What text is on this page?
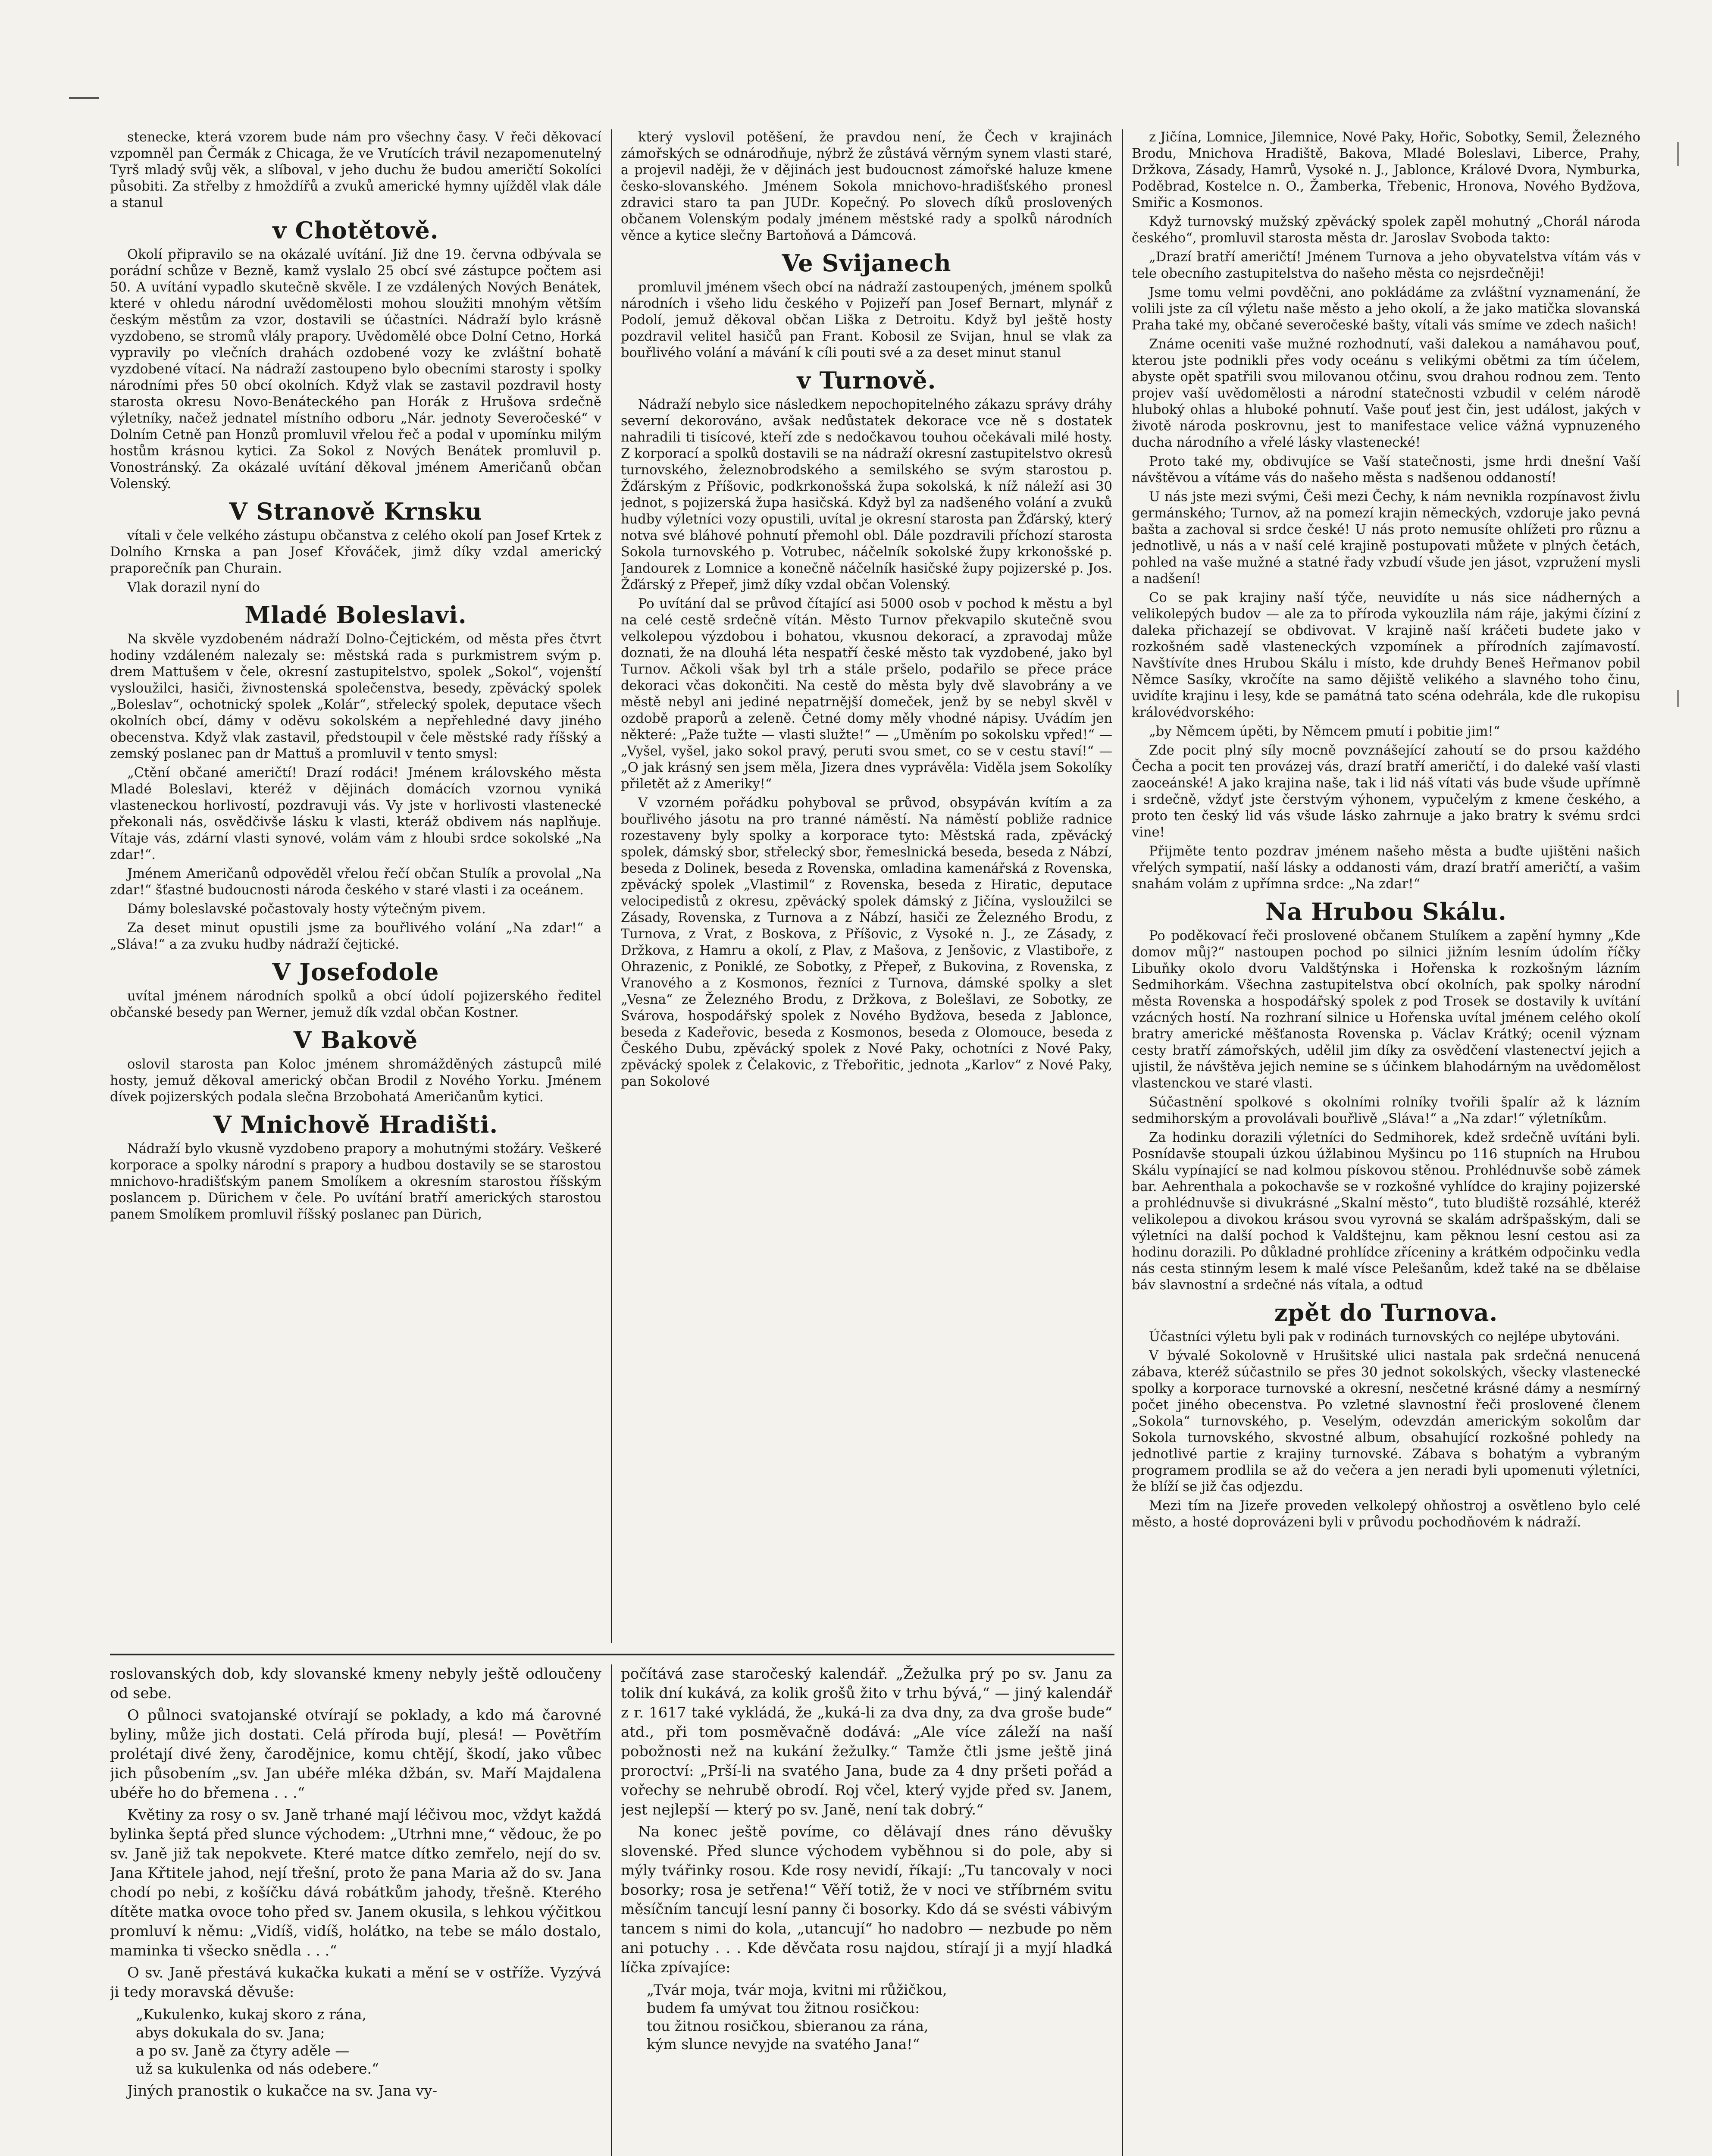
stenecke, která vzorem bude nám pro všechny časy. V řeči děkovací vzpomněl pan Čermák z Chicaga, že ve Vrutících trávil nezapomenutelný Tyrš mladý svůj věk, a slíboval, v jeho duchu že budou američtí Sokolíci působiti. Za střelby z hmoždířů a zvuků americké hymny ujížděl vlak dále a stanul

v Chotětově.

Okolí připravilo se na okázalé uvítání. Již dne 19. června odbývala se porádní schůze v Bezně, kamž vyslalo 25 obcí své zástupce počtem asi 50. A uvítání vypadlo skutečně skvěle. I ze vzdálených Nových Benátek, které v ohledu národní uvědomělosti mohou sloužiti mnohým větším českým městům za vzor, dostavili se účastníci. Nádraží bylo krásně vyzdobeno, se stromů vlály prapory. Uvědomělé obce Dolní Cetno, Horká vypravily po vlečních drahách ozdobené vozy ke zvláštní bohatě vyzdobené vítací. Na nádraží zastoupeno bylo obecními starosty i spolky národními přes 50 obcí okolních. Když vlak se zastavil pozdravil hosty starosta okresu Novo-Benáteckého pan Horák z Hrušova srdečně výletníky, načež jednatel místního odboru „Nár. jednoty Severočeské“ v Dolním Cetně pan Honzů promluvil vřelou řeč a podal v upomínku milým hostům krásnou kytici. Za Sokol z Nových Benátek promluvil p. Vonostránský. Za okázalé uvítání děkoval jménem Američanů občan Volenský.

V Stranově Krnsku

vítali v čele velkého zástupu občanstva z celého okolí pan Josef Krtek z Dolního Krnska a pan Josef Křováček, jimž díky vzdal americký praporečník pan Churain.

Vlak dorazil nyní do

Mladé Boleslavi.

Na skvěle vyzdobeném nádraží Dolno-Čejtickém, od města přes čtvrt hodiny vzdáleném nalezaly se: městská rada s purkmistrem svým p. drem Mattušem v čele, okresní zastupitelstvo, spolek „Sokol“, vojenští vysloužilci, hasiči, živnostenská společenstva, besedy, zpěvácký spolek „Boleslav“, ochotnický spolek „Kolár“, střelecký spolek, deputace všech okolních obcí, dámy v oděvu sokolském a nepřehledné davy jiného obecenstva. Když vlak zastavil, předstoupil v čele městské rady říšský a zemský poslanec pan dr Mattuš a promluvil v tento smysl:

„Ctění občané američtí! Drazí rodáci! Jménem královského města Mladé Boleslavi, kteréž v dějinách domácích vzornou vyniká vlasteneckou horlivostí, pozdravuji vás. Vy jste v horlivosti vlastenecké překonali nás, osvědčivše lásku k vlasti, kteráž obdivem nás naplňuje. Vítaje vás, zdární vlasti synové, volám vám z hloubi srdce sokolské „Na zdar!“.

Jménem Američanů odpověděl vřelou řečí občan Stulík a provolal „Na zdar!“ šťastné budoucnosti národa českého v staré vlasti i za oceánem.

Dámy boleslavské počastovaly hosty výtečným pivem.

Za deset minut opustili jsme za bouřlivého volání „Na zdar!“ a „Sláva!“ a za zvuku hudby nádraží čejtické.

V Josefodole

uvítal jménem národních spolků a obcí údolí pojizerského ředitel občanské besedy pan Werner, jemuž dík vzdal občan Kostner.

V Bakově

oslovil starosta pan Koloc jménem shromážděných zástupců milé hosty, jemuž děkoval americký občan Brodil z Nového Yorku. Jménem dívek pojizerských podala slečna Brzobohatá Američanům kytici.

V Mnichově Hradišti.

Nádraží bylo vkusně vyzdobeno prapory a mohutnými stožáry. Veškeré korporace a spolky národní s prapory a hudbou dostavily se se starostou mnichovo-hradišťským panem Smolíkem a okresním starostou říšským poslancem p. Dürichem v čele. Po uvítání bratří amerických starostou panem Smolíkem promluvil říšský poslanec pan Dürich,

který vyslovil potěšení, že pravdou není, že Čech v krajinách zámořských se odnárodňuje, nýbrž že zůstává věrným synem vlasti staré, a projevil naději, že v dějinách jest budoucnost zámořské haluze kmene česko-slovanského. Jménem Sokola mnichovo-hradišťského pronesl zdravici staro ta pan JUDr. Kopečný. Po slovech díků proslovených občanem Volenským podaly jménem městské rady a spolků národních věnce a kytice slečny Bartoňová a Dámcová.

Ve Svijanech

promluvil jménem všech obcí na nádraží zastoupených, jménem spolků národních i všeho lidu českého v Pojizeří pan Josef Bernart, mlynář z Podolí, jemuž děkoval občan Liška z Detroitu. Když byl ještě hosty pozdravil velitel hasičů pan Frant. Kobosil ze Svijan, hnul se vlak za bouřlivého volání a mávání k cíli pouti své a za deset minut stanul

v Turnově.

Nádraží nebylo sice následkem nepochopitelného zákazu správy dráhy severní dekorováno, avšak nedůstatek dekorace vce ně s dostatek nahradili ti tisícové, kteří zde s nedočkavou touhou očekávali milé hosty. Z korporací a spolků dostavili se na nádraží okresní zastupitelstvo okresů turnovského, železnobrodského a semilského se svým starostou p. Žďárským z Příšovic, podkrkonošská župa sokolská, k níž náleží asi 30 jednot, s pojizerská župa hasičská. Když byl za nadšeného volání a zvuků hudby výletníci vozy opustili, uvítal je okresní starosta pan Žďárský, který notva své bláhové pohnutí přemohl obl. Dále pozdravili příchozí starosta Sokola turnovského p. Votrubec, náčelník sokolské župy krkonošské p. Jandourek z Lomnice a konečně náčelník hasičské župy pojizerské p. Jos. Žďárský z Přepeř, jimž díky vzdal občan Volenský.

Po uvítání dal se průvod čítající asi 5000 osob v pochod k městu a byl na celé cestě srdečně vítán. Město Turnov překvapilo skutečně svou velkolepou výzdobou i bohatou, vkusnou dekorací, a zpravodaj může doznati, že na dlouhá léta nespatří české město tak vyzdobené, jako byl Turnov. Ačkoli však byl trh a stále pršelo, podařilo se přece práce dekoraci včas dokončiti. Na cestě do města byly dvě slavobrány a ve městě nebyl ani jediné nepatrnější domeček, jenž by se nebyl skvěl v ozdobě praporů a zeleně. Četné domy měly vhodné nápisy. Uvádím jen některé: „Paže tužte — vlasti služte!“ — „Uměním po sokolsku vpřed!“ — „Vyšel, vyšel, jako sokol pravý, peruti svou smet, co se v cestu staví!“ — „O jak krásný sen jsem měla, Jizera dnes vyprávěla: Viděla jsem Sokolíky přiletět až z Ameriky!“

V vzorném pořádku pohyboval se průvod, obsypáván kvítím a za bouřlivého jásotu na pro tranné náměstí. Na náměstí pobliže radnice rozestaveny byly spolky a korporace tyto: Městská rada, zpěvácký spolek, dámský sbor, střelecký sbor, řemeslnická beseda, beseda z Nábzí, beseda z Dolinek, beseda z Rovenska, omladina kamenářská z Rovenska, zpěvácký spolek „Vlastimil“ z Rovenska, beseda z Hiratic, deputace velocipedistů z okresu, zpěvácký spolek dámský z Jičína, vysloužilci se Zásady, Rovenska, z Turnova a z Nábzí, hasiči ze Železného Brodu, z Turnova, z Vrat, z Boskova, z Příšovic, z Vysoké n. J., ze Zásady, z Držkova, z Hamru a okolí, z Plav, z Mašova, z Jenšovic, z Vlastiboře, z Ohrazenic, z Poniklé, ze Sobotky, z Přepeř, z Bukovina, z Rovenska, z Vranového a z Kosmonos, řezníci z Turnova, dámské spolky a slet „Vesna“ ze Železného Brodu, z Držkova, z Bolešlavi, ze Sobotky, ze Svárova, hospodářský spolek z Nového Bydžova, beseda z Jablonce, beseda z Kadeřovic, beseda z Kosmonos, beseda z Olomouce, beseda z Českého Dubu, zpěvácký spolek z Nové Paky, ochotníci z Nové Paky, zpěvácký spolek z Čelakovic, z Třebořitic, jednota „Karlov“ z Nové Paky, pan Sokolové

z Jičína, Lomnice, Jilemnice, Nové Paky, Hořic, Sobotky, Semil, Železného Brodu, Mnichova Hradiště, Bakova, Mladé Boleslavi, Liberce, Prahy, Držkova, Zásady, Hamrů, Vysoké n. J., Jablonce, Králové Dvora, Nymburka, Poděbrad, Kostelce n. O., Žamberka, Třebenic, Hronova, Nového Bydžova, Smiřic a Kosmonos.

Když turnovský mužský zpěvácký spolek zapěl mohutný „Chorál národa českého“, promluvil starosta města dr. Jaroslav Svoboda takto:

„Drazí bratří američtí! Jménem Turnova a jeho obyvatelstva vítám vás v tele obecního zastupitelstva do našeho města co nejsrdečněji!

Jsme tomu velmi povděčni, ano pokládáme za zvláštní vyznamenání, že volili jste za cíl výletu naše město a jeho okolí, a že jako matička slovanská Praha také my, občané severočeské bašty, vítali vás smíme ve zdech našich!

Známe oceniti vaše mužné rozhodnutí, vaši dalekou a namáhavou pouť, kterou jste podnikli přes vody oceánu s velikými obětmi za tím účelem, abyste opět spatřili svou milovanou otčinu, svou drahou rodnou zem. Tento projev vaší uvědomělosti a národní statečnosti vzbudil v celém národě hluboký ohlas a hluboké pohnutí. Vaše pouť jest čin, jest událost, jakých v životě národa poskrovnu, jest to manifestace velice vážná vypnuzeného ducha národního a vřelé lásky vlastenecké!

Proto také my, obdivujíce se Vaší statečnosti, jsme hrdi dnešní Vaší návštěvou a vítáme vás do našeho města s nadšenou oddaností!

U nás jste mezi svými, Češi mezi Čechy, k nám nevnikla rozpínavost živlu germánského; Turnov, až na pomezí krajin německých, vzdoruje jako pevná bašta a zachoval si srdce české! U nás proto nemusíte ohlížeti pro různu a jednotlivě, u nás a v naší celé krajině postupovati můžete v plných četách, pohled na vaše mužné a statné řady vzbudí všude jen jásot, vzpružení mysli a nadšení!

Co se pak krajiny naší týče, neuvidíte u nás sice nádherných a velikolepých budov — ale za to příroda vykouzlila nám ráje, jakými číziní z daleka přichazejí se obdivovat. V krajině naší kráčeti budete jako v rozkošném sadě vlasteneckých vzpomínek a přírodních zajímavostí. Navštívíte dnes Hrubou Skálu i místo, kde druhdy Beneš Heřmanov pobil Němce Sasíky, vkročíte na samo dějiště velikého a slavného toho činu, uvidíte krajinu i lesy, kde se památná tato scéna odehrála, kde dle rukopisu královédvorského:

„by Němcem úpěti, by Němcem pmutí i pobitie jim!“

Zde pocit plný síly mocně povznášející zahoutí se do prsou každého Čecha a pocit ten provázej vás, drazí bratří američtí, i do daleké vaší vlasti zaoceánské! A jako krajina naše, tak i lid náš vítati vás bude všude upřímně i srdečně, vždyť jste čerstvým výhonem, vypučelým z kmene českého, a proto ten český lid vás všude lásko zahrnuje a jako bratry k svému srdci vine!

Přijměte tento pozdrav jménem našeho města a buďte ujištěni našich vřelých sympatií, naší lásky a oddanosti vám, drazí bratří američtí, a vašim snahám volám z upřímna srdce: „Na zdar!“

Na Hrubou Skálu.

Po poděkovací řeči proslovené občanem Stulíkem a zapění hymny „Kde domov můj?“ nastoupen pochod po silnici jižním lesním údolím říčky Libuňky okolo dvoru Valdštýnska i Hořenska k rozkošným lázním Sedmihorkám. Všechna zastupitelstva obcí okolních, pak spolky národní města Rovenska a hospodářský spolek z pod Trosek se dostavily k uvítání vzácných hostí. Na rozhraní silnice u Hořenska uvítal jménem celého okolí bratry americké měšťanosta Rovenska p. Václav Krátký; ocenil význam cesty bratří zámořských, udělil jim díky za osvědčení vlastenectví jejich a ujistil, že návštěva jejich nemine se s účinkem blahodárným na uvědomělost vlastenckou ve staré vlasti.

Súčastnění spolkové s okolními rolníky tvořili špalír až k lázním sedmihorským a provolávali bouřlivě „Sláva!“ a „Na zdar!“ výletníkům.

Za hodinku dorazili výletníci do Sedmihorek, kdež srdečně uvítáni byli. Posnídavše stoupali úzkou úžlabinou Myšincu po 116 stupních na Hrubou Skálu vypínající se nad kolmou pískovou stěnou. Prohlédnuvše sobě zámek bar. Aehrenthala a pokochavše se v rozkošné vyhlídce do krajiny pojizerské a prohlédnuvše si divukrásné „Skalní město“, tuto bludiště rozsáhlé, kteréž velikolepou a divokou krásou svou vyrovná se skalám adršpašským, dali se výletníci na další pochod k Valdštejnu, kam pěknou lesní cestou asi za hodinu dorazili. Po důkladné prohlídce zříceniny a krátkém odpočinku vedla nás cesta stinným lesem k malé vísce Pelešanům, kdež také na se dbělaise báv slavnostní a srdečné nás vítala, a odtud

zpět do Turnova.

Účastníci výletu byli pak v rodinách turnovských co nejlépe ubytováni.

V bývalé Sokolovně v Hrušitské ulici nastala pak srdečná nenucená zábava, kteréž súčastnilo se přes 30 jednot sokolských, všecky vlastenecké spolky a korporace turnovské a okresní, nesčetné krásné dámy a nesmírný počet jiného obecenstva. Po vzletné slavnostní řeči proslovené členem „Sokola“ turnovského, p. Veselým, odevzdán americkým sokolům dar Sokola turnovského, skvostné album, obsahující rozkošné pohledy na jednotlivé partie z krajiny turnovské. Zábava s bohatým a vybraným programem prodlila se až do večera a jen neradi byli upomenuti výletníci, že blíží se již čas odjezdu.

Mezi tím na Jizeře proveden velkolepý ohňostroj a osvětleno bylo celé město, a hosté doprovázeni byli v průvodu pochodňovém k nádraží.

roslovanských dob, kdy slovanské kmeny nebyly ještě odloučeny od sebe.

O půlnoci svatojanské otvírají se poklady, a kdo má čarovné byliny, může jich dostati. Celá příroda bují, plesá! — Povětřím prolétají divé ženy, čarodějnice, komu chtějí, škodí, jako vůbec jich působením „sv. Jan ubéře mléka džbán, sv. Maří Majdalena ubéře ho do břemena . . .“

Květiny za rosy o sv. Janě trhané mají léčivou moc, vždyt každá bylinka šeptá před slunce východem: „Utrhni mne,“ vědouc, že po sv. Janě již tak nepokvete. Které matce dítko zemřelo, nejí do sv. Jana Křtitele jahod, nejí třešní, proto že pana Maria až do sv. Jana chodí po nebi, z košíčku dává robátkům jahody, třešně. Kterého dítěte matka ovoce toho před sv. Janem okusila, s lehkou výčitkou promluví k němu: „Vidíš, vidíš, holátko, na tebe se málo dostalo, maminka ti všecko snědla . . .“

O sv. Janě přestává kukačka kukati a mění se v ostříže. Vyzývá ji tedy moravská děvuše:

„Kukulenko, kukaj skoro z rána,
abys dokukala do sv. Jana;
a po sv. Janě za čtyry aděle —
už sa kukulenka od nás odebere.“

Jiných pranostik o kukačce na sv. Jana vy-

počítává zase staročeský kalendář. „Žežulka prý po sv. Janu za tolik dní kukává, za kolik grošů žito v trhu bývá,“ — jiný kalendář z r. 1617 také vykládá, že „kuká-li za dva dny, za dva groše bude“ atd., při tom posměvačně dodává: „Ale více záleží na naší pobožnosti než na kukání žežulky.“ Tamže čtli jsme ještě jiná proroctví: „Prší-li na svatého Jana, bude za 4 dny pršeti pořád a vořechy se nehrubě obrodí. Roj včel, který vyjde před sv. Janem, jest nejlepší — který po sv. Janě, není tak dobrý.“

Na konec ještě povíme, co dělávají dnes ráno děvušky slovenské. Před slunce východem vyběhnou si do pole, aby si mýly tvářinky rosou. Kde rosy nevidí, říkají: „Tu tancovaly v noci bosorky; rosa je setřena!“ Věří totiž, že v noci ve stříbrném svitu měsíčním tancují lesní panny či bosorky. Kdo dá se svésti vábivým tancem s nimi do kola, „utancují“ ho nadobro — nezbude po něm ani potuchy . . . Kde děvčata rosu najdou, stírají ji a myjí hladká líčka zpívajíce:

„Tvár moja, tvár moja, kvitni mi růžičkou,
budem fa umývat tou žitnou rosičkou:
tou žitnou rosičkou, sbieranou za rána,
kým slunce nevyjde na svatého Jana!“
